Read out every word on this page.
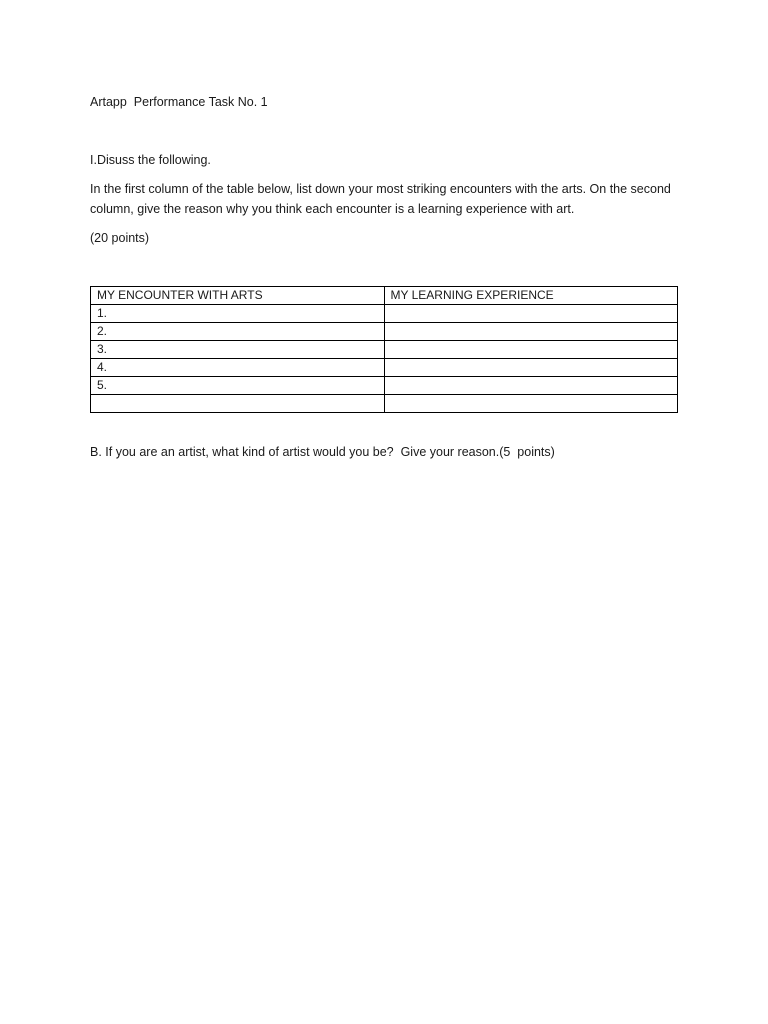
Artapp  Performance Task No. 1
I.Disuss the following.
In the first column of the table below, list down your most striking encounters with the arts. On the second column, give the reason why you think each encounter is a learning experience with art.
(20 points)
MY ENCOUNTER WITH ARTS	MY LEARNING EXPERIENCE
1.	
2.	
3.	
4.	
5.	

B. If you are an artist, what kind of artist would you be?  Give your reason.(5  points)
